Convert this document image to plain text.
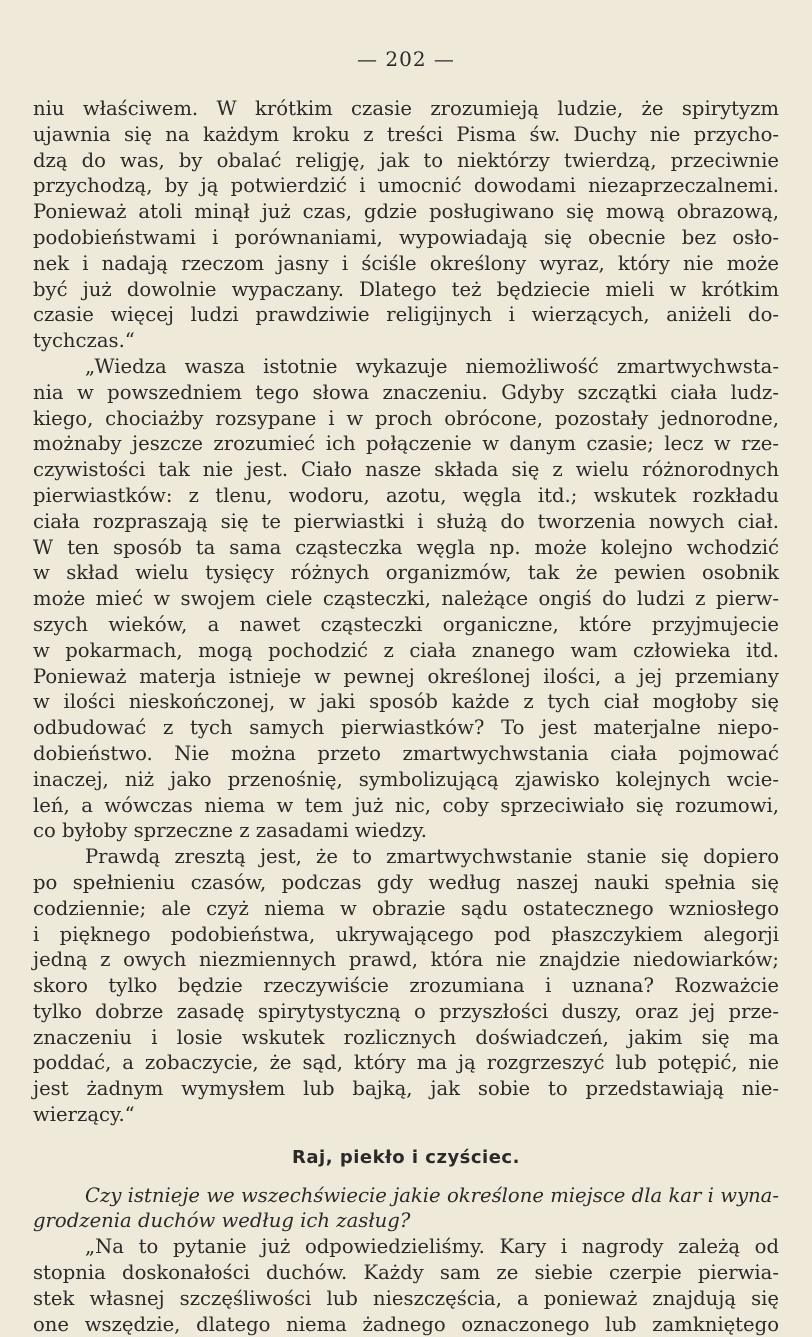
— 202 —
niu właściwem. W krótkim czasie zrozumieją ludzie, że spirytyzm
ujawnia się na każdym kroku z treści Pisma św. Duchy nie przycho-
dzą do was, by obalać religję, jak to niektórzy twierdzą, przeciwnie
przychodzą, by ją potwierdzić i umocnić dowodami niezaprzeczalnemi.
Ponieważ atoli minął już czas, gdzie posługiwano się mową obrazową,
podobieństwami i porównaniami, wypowiadają się obecnie bez osło-
nek i nadają rzeczom jasny i ściśle określony wyraz, który nie może
być już dowolnie wypaczany. Dlatego też będziecie mieli w krótkim
czasie więcej ludzi prawdziwie religijnych i wierzących, aniżeli do-
tychczas.“
„Wiedza wasza istotnie wykazuje niemożliwość zmartwychwsta-
nia w powszedniem tego słowa znaczeniu. Gdyby szczątki ciała ludz-
kiego, chociażby rozsypane i w proch obrócone, pozostały jednorodne,
możnaby jeszcze zrozumieć ich połączenie w danym czasie; lecz w rze-
czywistości tak nie jest. Ciało nasze składa się z wielu różnorodnych
pierwiastków: z tlenu, wodoru, azotu, węgla itd.; wskutek rozkładu
ciała rozpraszają się te pierwiastki i służą do tworzenia nowych ciał.
W ten sposób ta sama cząsteczka węgla np. może kolejno wchodzić
w skład wielu tysięcy różnych organizmów, tak że pewien osobnik
może mieć w swojem ciele cząsteczki, należące ongiś do ludzi z pierw-
szych wieków, a nawet cząsteczki organiczne, które przyjmujecie
w pokarmach, mogą pochodzić z ciała znanego wam człowieka itd.
Ponieważ materja istnieje w pewnej określonej ilości, a jej przemiany
w ilości nieskończonej, w jaki sposób każde z tych ciał mogłoby się
odbudować z tych samych pierwiastków? To jest materjalne niepo-
dobieństwo. Nie można przeto zmartwychwstania ciała pojmować
inaczej, niż jako przenośnię, symbolizującą zjawisko kolejnych wcie-
leń, a wówczas niema w tem już nic, coby sprzeciwiało się rozumowi,
co byłoby sprzeczne z zasadami wiedzy.
Prawdą zresztą jest, że to zmartwychwstanie stanie się dopiero
po spełnieniu czasów, podczas gdy według naszej nauki spełnia się
codziennie; ale czyż niema w obrazie sądu ostatecznego wzniosłego
i pięknego podobieństwa, ukrywającego pod płaszczykiem alegorji
jedną z owych niezmiennych prawd, która nie znajdzie niedowiarków;
skoro tylko będzie rzeczywiście zrozumiana i uznana? Rozważcie
tylko dobrze zasadę spirytystyczną o przyszłości duszy, oraz jej prze-
znaczeniu i losie wskutek rozlicznych doświadczeń, jakim się ma
poddać, a zobaczycie, że sąd, który ma ją rozgrzeszyć lub potępić, nie
jest żadnym wymysłem lub bajką, jak sobie to przedstawiają nie-
wierzący.“
Raj, piekło i czyściec.
Czy istnieje we wszechświecie jakie określone miejsce dla kar i wyna-
grodzenia duchów według ich zasług?
„Na to pytanie już odpowiedzieliśmy. Kary i nagrody zależą od
stopnia doskonałości duchów. Każdy sam ze siebie czerpie pierwia-
stek własnej szczęśliwości lub nieszczęścia, a ponieważ znajdują się
one wszędzie, dlatego niema żadnego oznaczonego lub zamkniętego
